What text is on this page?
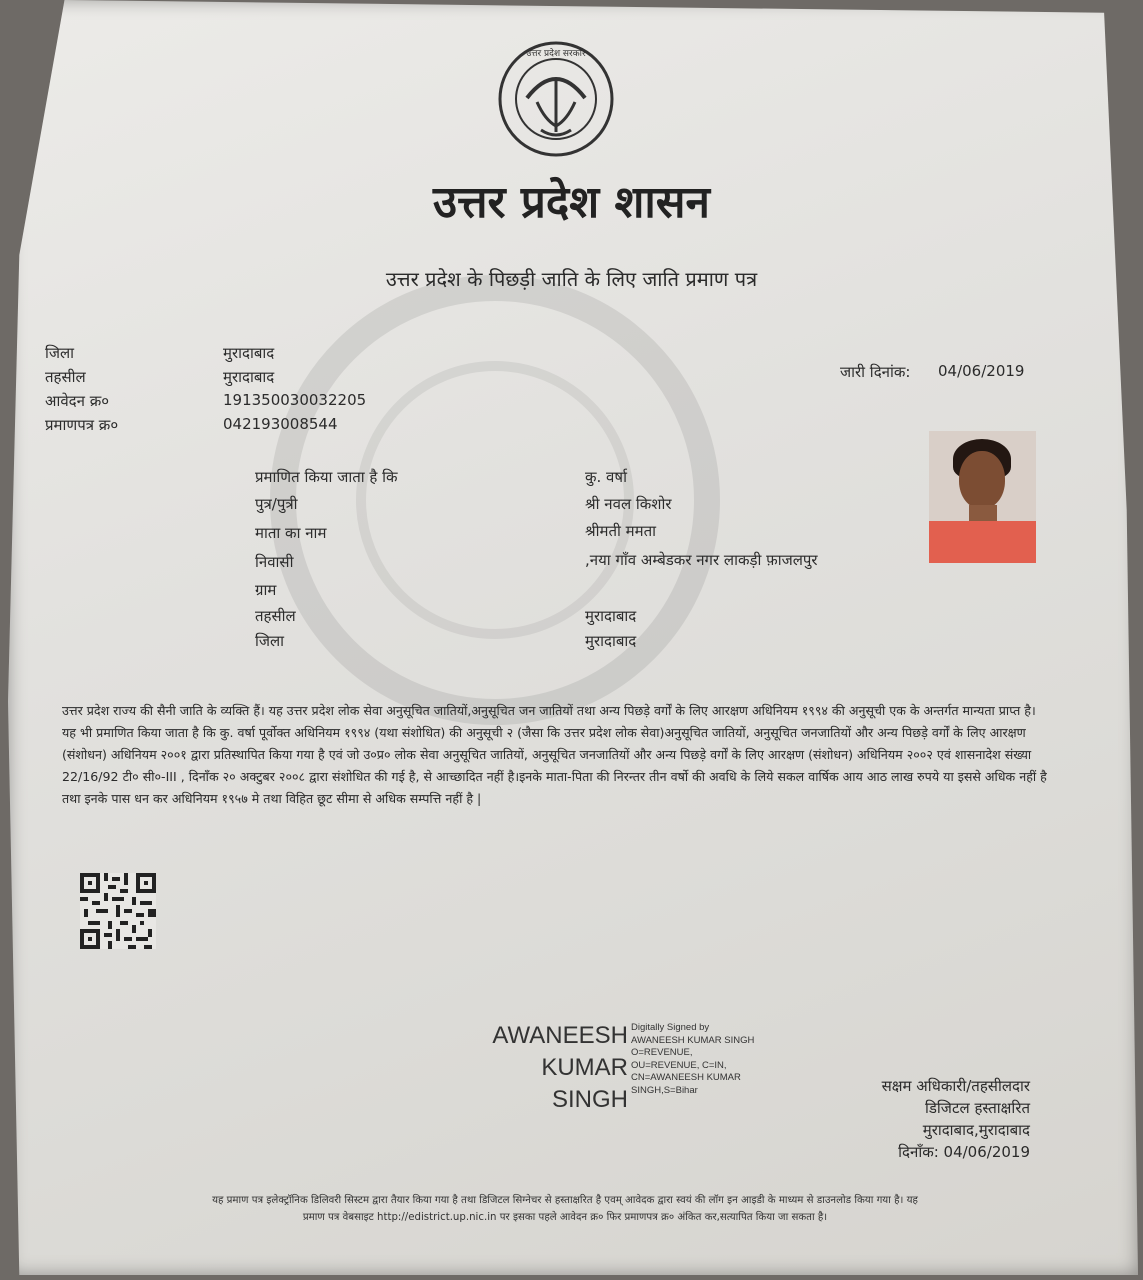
उत्तर प्रदेश सरकार
उत्तर प्रदेश शासन
उत्तर प्रदेश के पिछड़ी जाति के लिए जाति प्रमाण पत्र
जिला	मुरादाबाद
तहसील	मुरादाबाद
आवेदन क्र०	19135003003220​5
प्रमाणपत्र क्र०	042193008544
जारी दिनांक: 04/06/2019
प्रमाणित किया जाता है कि	कु. वर्षा
पुत्र/पुत्री	श्री नवल किशोर
माता का नाम	श्रीमती ममता
निवासी	,नया गाँव अम्बेडकर नगर लाकड़ी फ़ाजलपुर
ग्राम
तहसील	मुरादाबाद
जिला	मुरादाबाद

उत्तर प्रदेश राज्य की सैनी जाति के व्यक्ति हैं। यह उत्तर प्रदेश लोक सेवा अनुसूचित जातियों,अनुसूचित जन जातियों तथा अन्य पिछड़े वर्गों के लिए आरक्षण अधिनियम १९९४ की अनुसूची एक के अन्तर्गत मान्यता प्राप्त है।

यह भी प्रमाणित किया जाता है कि कु. वर्षा पूर्वोक्त अधिनियम १९९४ (यथा संशोधित) की अनुसूची २ (जैसा कि उत्तर प्रदेश लोक सेवा)अनुसूचित जातियों, अनुसूचित जनजातियों और अन्य पिछड़े वर्गों के लिए आरक्षण (संशोधन) अधिनियम २००१ द्वारा प्रतिस्थापित किया गया है एवं जो उ०प्र० लोक सेवा अनुसूचित जातियों, अनुसूचित जनजातियों और अन्य पिछड़े वर्गों के लिए आरक्षण (संशोधन) अधिनियम २००२ एवं शासनादेश संख्या 22/16/92 टी० सी०-III , दिनाँक २० अक्टुबर २००८ द्वारा संशोधित की गई है, से आच्छादित नहीं है।इनके माता-पिता की निरन्तर तीन वर्षो की अवधि के लिये सकल वार्षिक आय आठ लाख रुपये या इससे अधिक नहीं है तथा इनके पास धन कर अधिनियम १९५७ मे तथा विहित छूट सीमा से अधिक सम्पत्ति नहीं है |

AWANEESH
KUMAR
SINGH
Digitally Signed by
AWANEESH KUMAR SINGH
O=REVENUE,
OU=REVENUE, C=IN,
CN=AWANEESH KUMAR
SINGH,S=Bihar	सक्षम अधिकारी/तहसीलदार
डिजिटल हस्ताक्षरित
मुरादाबाद,मुरादाबाद
दिनाँक: 04/06/2019
यह प्रमाण पत्र इलेक्ट्रॉनिक डिलिवरी सिस्टम द्वारा तैयार किया गया है तथा डिजिटल सिग्नेचर से हस्ताक्षरित है एवम् आवेदक द्वारा स्वयं की लॉग इन आइडी के माध्यम से डाउनलोड किया गया है। यह
प्रमाण पत्र वेबसाइट http://edistrict.up.nic.in पर इसका पहले आवेदन क्र० फिर प्रमाणपत्र क्र० अंकित कर,सत्यापित किया जा सकता है।
